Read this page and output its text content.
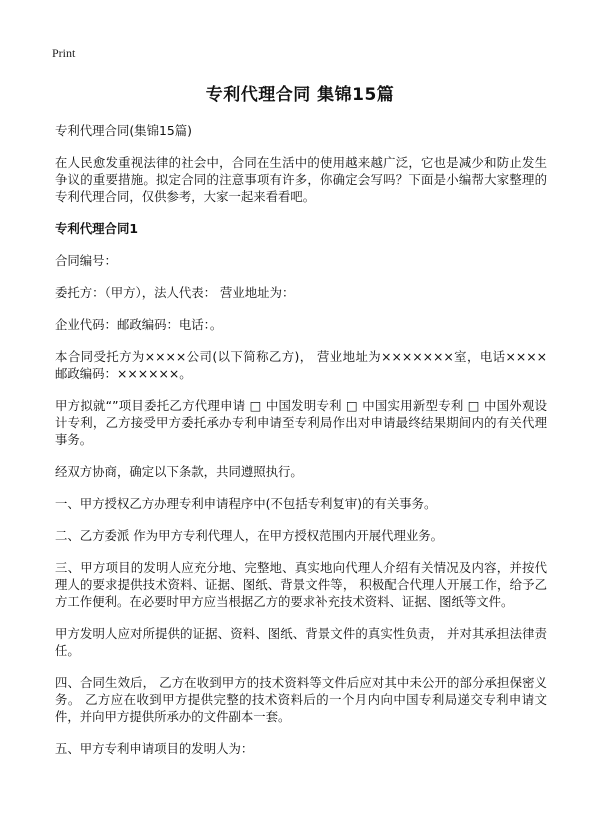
Print
专利代理合同 集锦15篇
专利代理合同(集锦15篇)

在人民愈发重视法律的社会中，合同在生活中的使用越来越广泛，它也是减少和防止发生争议的重要措施。拟定合同的注意事项有许多，你确定会写吗？下面是小编帮大家整理的专利代理合同，仅供参考，大家一起来看看吧。

专利代理合同1

合同编号：

委托方：（甲方），法人代表： 营业地址为：

企业代码：邮政编码：电话：。

本合同受托方为××××公司(以下简称乙方)， 营业地址为×××××××室，电话×××× 邮政编码：××××××。

甲方拟就“”项目委托乙方代理申请 □ 中国发明专利 □ 中国实用新型专利 □ 中国外观设计专利，乙方接受甲方委托承办专利申请至专利局作出对申请最终结果期间内的有关代理事务。

经双方协商，确定以下条款，共同遵照执行。

一、甲方授权乙方办理专利申请程序中(不包括专利复审)的有关事务。

二、乙方委派 作为甲方专利代理人，在甲方授权范围内开展代理业务。

三、甲方项目的发明人应充分地、完整地、真实地向代理人介绍有关情况及内容，并按代理人的要求提供技术资料、证据、图纸、背景文件等， 积极配合代理人开展工作，给予乙方工作便利。在必要时甲方应当根据乙方的要求补充技术资料、证据、图纸等文件。

甲方发明人应对所提供的证据、资料、图纸、背景文件的真实性负责， 并对其承担法律责任。

四、合同生效后， 乙方在收到甲方的技术资料等文件后应对其中未公开的部分承担保密义务。 乙方应在收到甲方提供完整的技术资料后的一个月内向中国专利局递交专利申请文件，并向甲方提供所承办的文件副本一套。

五、甲方专利申请项目的发明人为：
